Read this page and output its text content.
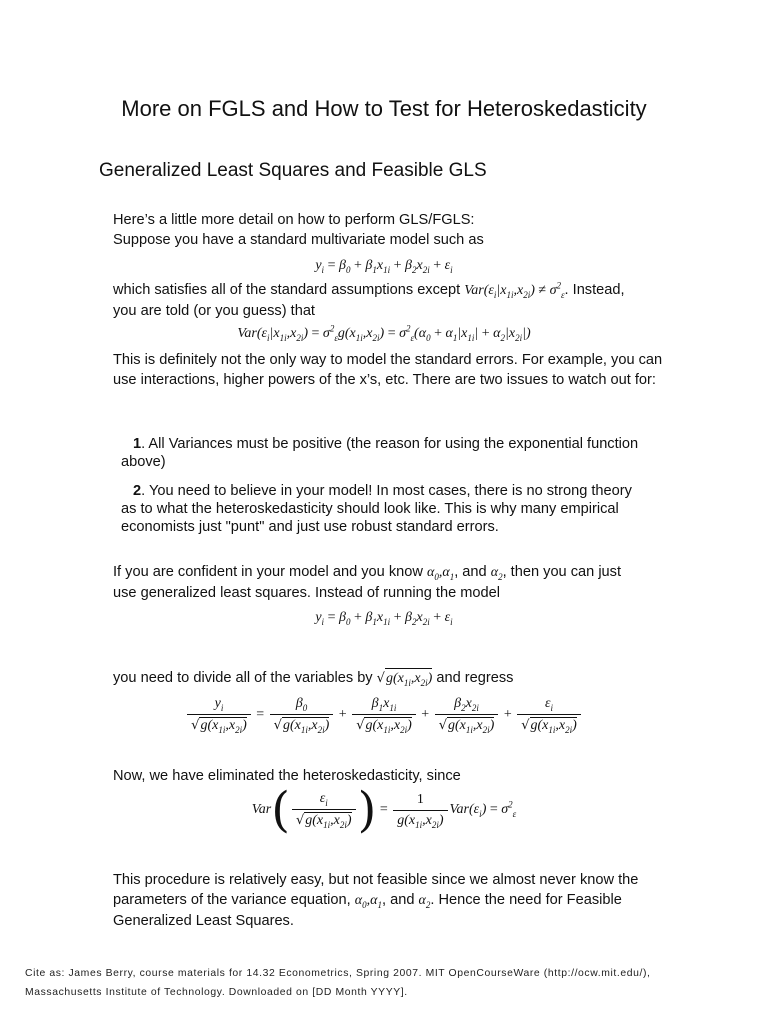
More on FGLS and How to Test for Heteroskedasticity
Generalized Least Squares and Feasible GLS
Here’s a little more detail on how to perform GLS/FGLS:
Suppose you have a standard multivariate model such as
$y_i = \beta_0 + \beta_1x_{1i} + \beta_2x_{2i} + \varepsilon_i$
which satisfies all of the standard assumptions except $Var(\varepsilon_i|x_{1i},x_{2i}) \ne \sigma^2_\varepsilon$. Instead,
you are told (or you guess) that
$Var(\varepsilon_i|x_{1i},x_{2i}) = \sigma^2_\varepsilon g(x_{1i},x_{2i}) = \sigma^2_\varepsilon(\alpha_0 + \alpha_1|x_{1i}| + \alpha_2|x_{2i}|)$
This is definitely not the only way to model the standard errors. For example, you can use interactions, higher powers of the x’s, etc. There are two issues to watch out for:
1. All Variances must be positive (the reason for using the exponential function above)
2. You need to believe in your model! In most cases, there is no strong theory as to what the heteroskedasticity should look like. This is why many empirical economists just "punt" and just use robust standard errors.
If you are confident in your model and you know $\alpha_0,\alpha_1$, and $\alpha_2$, then you can just
use generalized least squares. Instead of running the model
$y_i = \beta_0 + \beta_1x_{1i} + \beta_2x_{2i} + \varepsilon_i$
you need to divide all of the variables by $√g(x_{1i},x_{2i})$ and regress
$\frac{y_i}{√g(x_{1i},x_{2i})} = \frac{\beta_0}{√g(x_{1i},x_{2i})} + \frac{\beta_1x_{1i}}{√g(x_{1i},x_{2i})} + \frac{\beta_2x_{2i}}{√g(x_{1i},x_{2i})} + \frac{\varepsilon_i}{√g(x_{1i},x_{2i})}$
Now, we have eliminated the heteroskedasticity, since
$Var( \frac{\varepsilon_i}{√g(x_{1i},x_{2i})}$ ) = $\frac{1}{g(x_{1i},x_{2i})} Var(\varepsilon_i) = \sigma^2_\varepsilon$
This procedure is relatively easy, but not feasible since we almost never know the
parameters of the variance equation, $\alpha_0,\alpha_1$, and $\alpha_2$. Hence the need for Feasible
Generalized Least Squares.
Cite as: James Berry, course materials for 14.32 Econometrics, Spring 2007. MIT OpenCourseWare (http://ocw.mit.edu/),
Massachusetts Institute of Technology. Downloaded on [DD Month YYYY].
